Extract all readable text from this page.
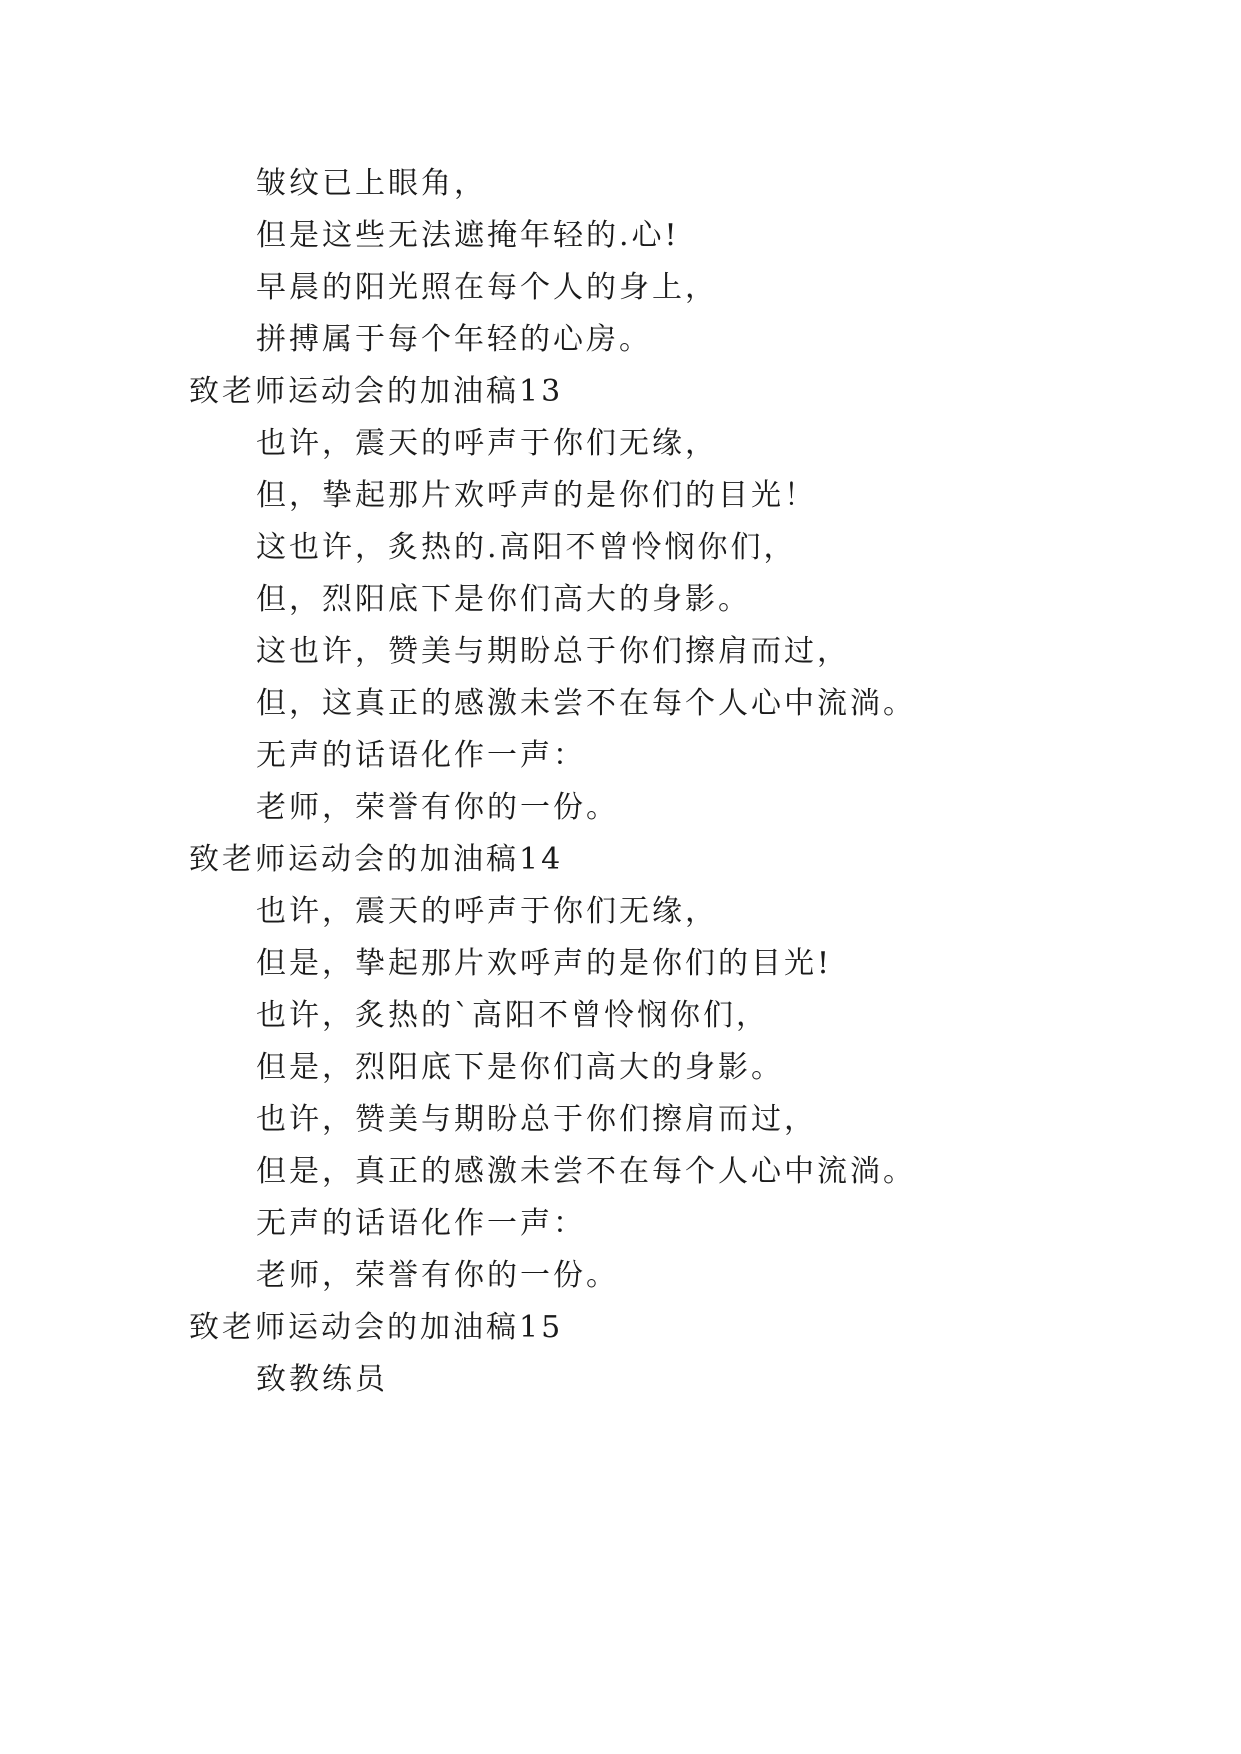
皱纹已上眼角，
但是这些无法遮掩年轻的.心!
早晨的阳光照在每个人的身上，
拼搏属于每个年轻的心房。
致老师运动会的加油稿13
也许，震天的呼声于你们无缘，
但，挚起那片欢呼声的是你们的目光！
这也许，炙热的.高阳不曾怜悯你们，
但，烈阳底下是你们高大的身影。
这也许，赞美与期盼总于你们擦肩而过，
但，这真正的感激未尝不在每个人心中流淌。
无声的话语化作一声：
老师，荣誉有你的一份。
致老师运动会的加油稿14
也许，震天的呼声于你们无缘，
但是，挚起那片欢呼声的是你们的目光!
也许，炙热的`高阳不曾怜悯你们，
但是，烈阳底下是你们高大的身影。
也许，赞美与期盼总于你们擦肩而过，
但是，真正的感激未尝不在每个人心中流淌。
无声的话语化作一声：
老师，荣誉有你的一份。
致老师运动会的加油稿15
致教练员
